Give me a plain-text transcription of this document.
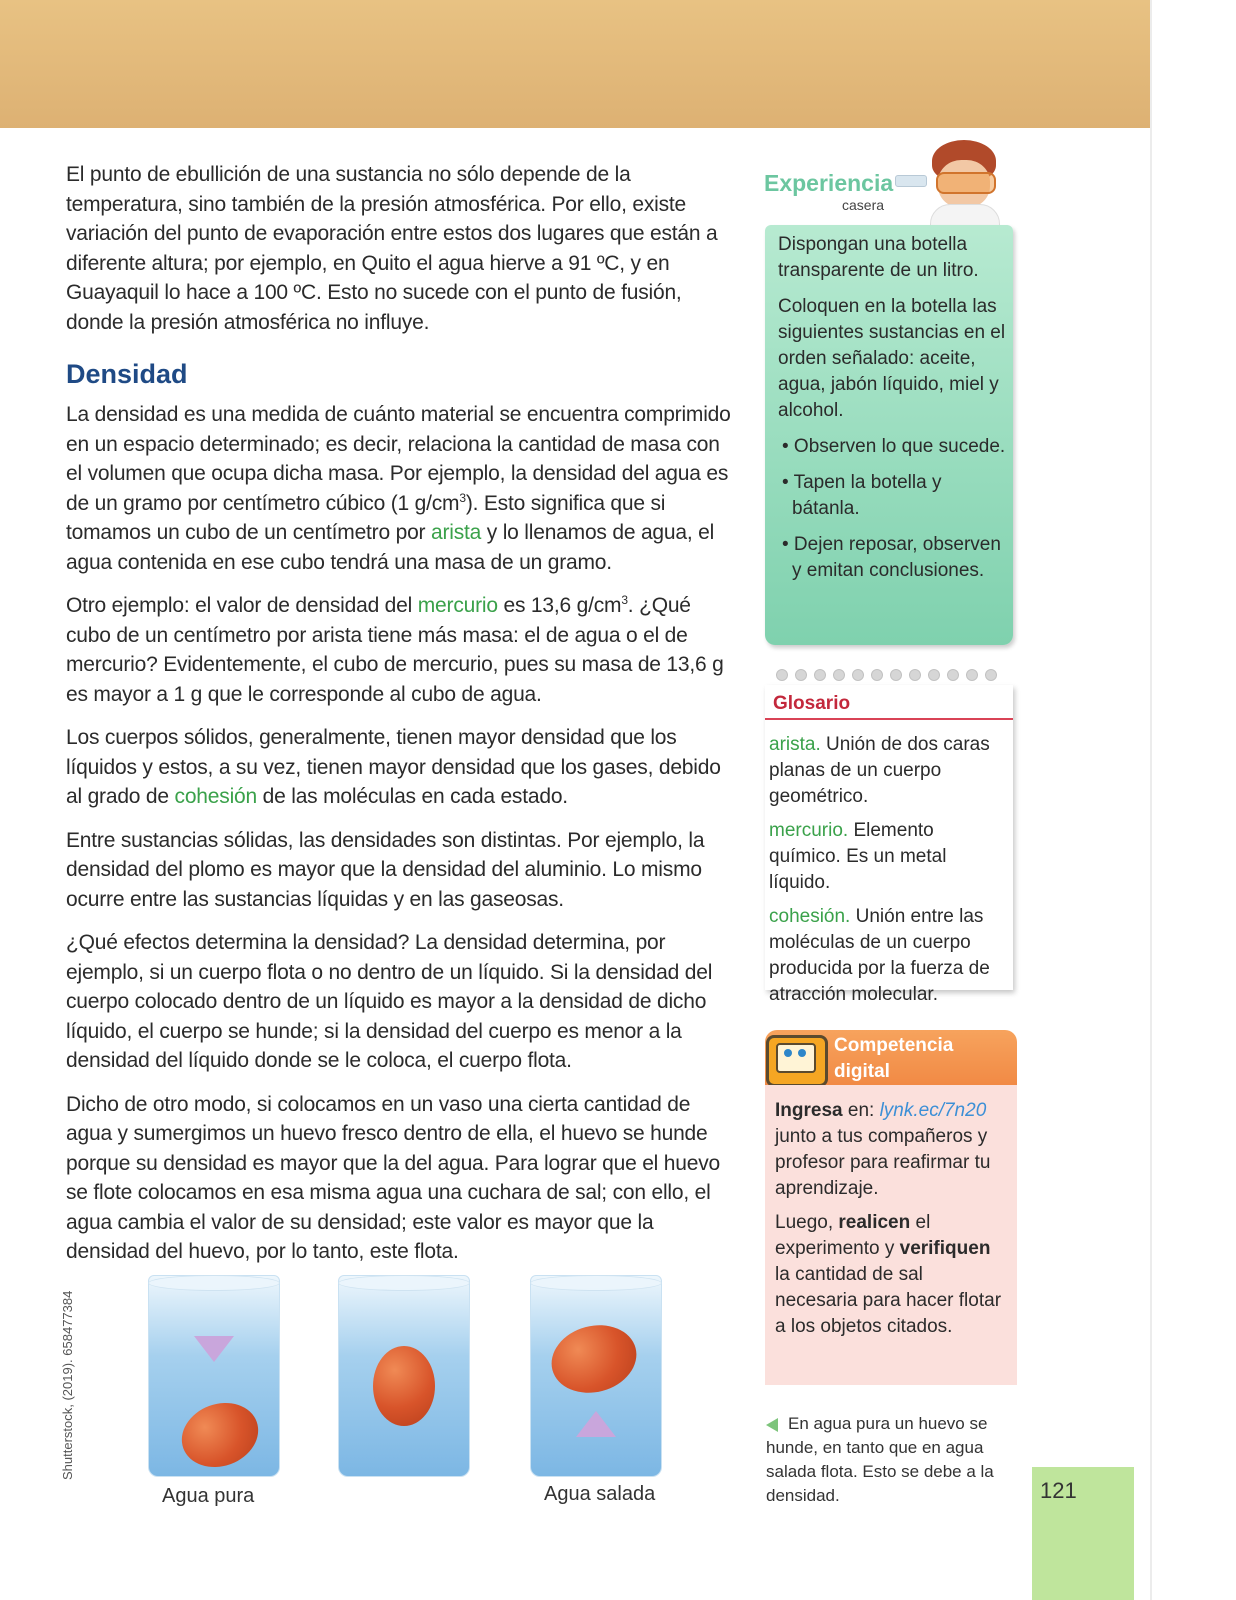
El punto de ebullición de una sustancia no sólo depende de la temperatura, sino también de la presión atmosférica. Por ello, existe variación del punto de evaporación entre estos dos lugares que están a diferente altura; por ejemplo, en Quito el agua hierve a 91 ºC, y en Guayaquil lo hace a 100 ºC. Esto no sucede con el punto de fusión, donde la presión atmosférica no influye.

Densidad

La densidad es una medida de cuánto material se encuentra comprimido en un espacio determinado; es decir, relaciona la cantidad de masa con el volumen que ocupa dicha masa. Por ejemplo, la densidad del agua es de un gramo por centímetro cúbico (1 $g/cm^3$). Esto significa que si tomamos un cubo de un centímetro por arista y lo llenamos de agua, el agua contenida en ese cubo tendrá una masa de un gramo.

Otro ejemplo: el valor de densidad del mercurio es 13,6 $g/cm^3$. ¿Qué cubo de un centímetro por arista tiene más masa: el de agua o el de mercurio? Evidentemente, el cubo de mercurio, pues su masa de 13,6 g es mayor a 1 g que le corresponde al cubo de agua.

Los cuerpos sólidos, generalmente, tienen mayor densidad que los líquidos y estos, a su vez, tienen mayor densidad que los gases, debido al grado de cohesión de las moléculas en cada estado.

Entre sustancias sólidas, las densidades son distintas. Por ejemplo, la densidad del plomo es mayor que la densidad del aluminio. Lo mismo ocurre entre las sustancias líquidas y en las gaseosas.

¿Qué efectos determina la densidad? La densidad determina, por ejemplo, si un cuerpo flota o no dentro de un líquido. Si la densidad del cuerpo colocado dentro de un líquido es mayor a la densidad de dicho líquido, el cuerpo se hunde; si la densidad del cuerpo es menor a la densidad del líquido donde se le coloca, el cuerpo flota.

Dicho de otro modo, si colocamos en un vaso una cierta cantidad de agua y sumergimos un huevo fresco dentro de ella, el huevo se hunde porque su densidad es mayor que la del agua. Para lograr que el huevo se flote colocamos en esa misma agua una cuchara de sal; con ello, el agua cambia el valor de su densidad; este valor es mayor que la densidad del huevo, por lo tanto, este flota.

Shutterstock, (2019). 658477384
Agua pura	Agua salada
Experiencia
casera

Dispongan una botella transparente de un litro.

Coloquen en la botella las siguientes sustancias en el orden señalado: aceite, agua, jabón líquido, miel y alcohol.

• Observen lo que sucede.

• Tapen la botella y bátanla.

• Dejen reposar, observen y emitan conclusiones.

Glosario

arista. Unión de dos caras planas de un cuerpo geométrico.

mercurio. Elemento químico. Es un metal líquido.

cohesión. Unión entre las moléculas de un cuerpo producida por la fuerza de atracción molecular.

Competencia
digital

Ingresa en: lynk.ec/7n20 junto a tus compañeros y profesor para reafirmar tu aprendizaje.

Luego, realicen el experimento y verifiquen la cantidad de sal necesaria para hacer flotar a los objetos citados.

En agua pura un huevo se hunde, en tanto que en agua salada flota. Esto se debe a la densidad.	121
